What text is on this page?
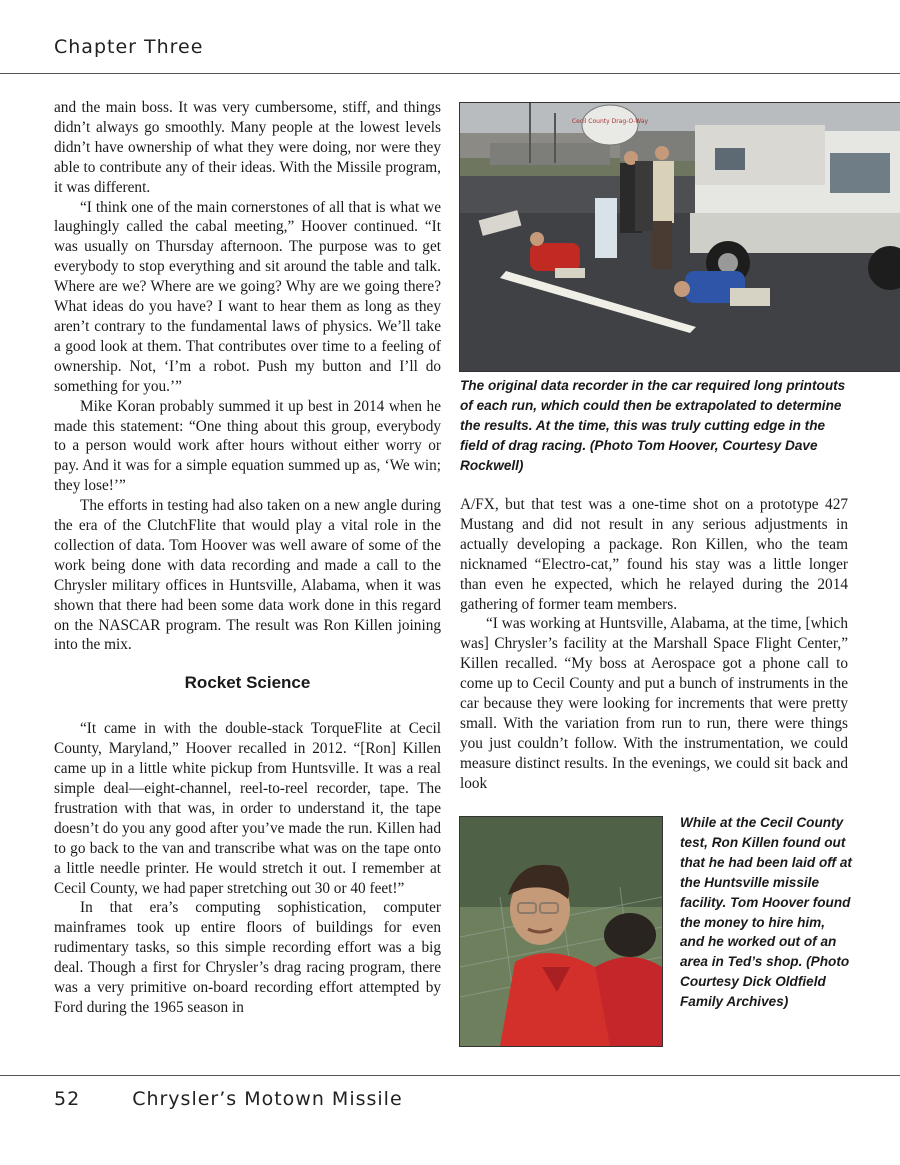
Chapter Three

and the main boss. It was very cumbersome, stiff, and things didn’t always go smoothly. Many people at the lowest levels didn’t have ownership of what they were doing, nor were they able to contribute any of their ideas. With the Missile program, it was different.

“I think one of the main cornerstones of all that is what we laughingly called the cabal meeting,” Hoover continued. “It was usually on Thursday afternoon. The purpose was to get everybody to stop everything and sit around the table and talk. Where are we? Where are we going? Why are we going there? What ideas do you have? I want to hear them as long as they aren’t contrary to the fundamental laws of physics. We’ll take a good look at them. That contributes over time to a feeling of ownership. Not, ‘I’m a robot. Push my button and I’ll do something for you.’”

Mike Koran probably summed it up best in 2014 when he made this statement: “One thing about this group, everybody to a person would work after hours without either worry or pay. And it was for a simple equation summed up as, ‘We win; they lose!’”

The efforts in testing had also taken on a new angle during the era of the ClutchFlite that would play a vital role in the collection of data. Tom Hoover was well aware of some of the work being done with data recording and made a call to the Chrysler military offices in Huntsville, Alabama, when it was shown that there had been some data work done in this regard on the NASCAR program. The result was Ron Killen joining into the mix.

Rocket Science

“It came in with the double-stack TorqueFlite at Cecil County, Maryland,” Hoover recalled in 2012. “[Ron] Killen came up in a little white pickup from Huntsville. It was a real simple deal—eight-channel, reel-to-reel recorder, tape. The frustration with that was, in order to understand it, the tape doesn’t do you any good after you’ve made the run. Killen had to go back to the van and transcribe what was on the tape onto a little needle printer. He would stretch it out. I remember at Cecil County, we had paper stretching out 30 or 40 feet!”

In that era’s computing sophistication, computer mainframes took up entire floors of buildings for even rudimentary tasks, so this simple recording effort was a big deal. Though a first for Chrysler’s drag racing program, there was a very primitive on-board recording effort attempted by Ford during the 1965 season in

Cecil County Drag-O-Way
The original data recorder in the car required long printouts of each run, which could then be extrapolated to determine the results. At the time, this was truly cutting edge in the field of drag racing. (Photo Tom Hoover, Courtesy Dave Rockwell)

A/FX, but that test was a one-time shot on a prototype 427 Mustang and did not result in any serious adjustments in actually developing a package. Ron Killen, who the team nicknamed “Electro-cat,” found his stay was a little longer than even he expected, which he relayed during the 2014 gathering of former team members.

“I was working at Huntsville, Alabama, at the time, [which was] Chrysler’s facility at the Marshall Space Flight Center,” Killen recalled. “My boss at Aerospace got a phone call to come up to Cecil County and put a bunch of instruments in the car because they were looking for increments that were pretty small. With the variation from run to run, there were things you just couldn’t follow. With the instrumentation, we could measure distinct results. In the evenings, we could sit back and look

While at the Cecil County test, Ron Killen found out that he had been laid off at the Huntsville missile facility. Tom Hoover found the money to hire him, and he worked out of an area in Ted’s shop. (Photo Courtesy Dick Oldfield Family Archives)
52	Chrysler’s Motown Missile
